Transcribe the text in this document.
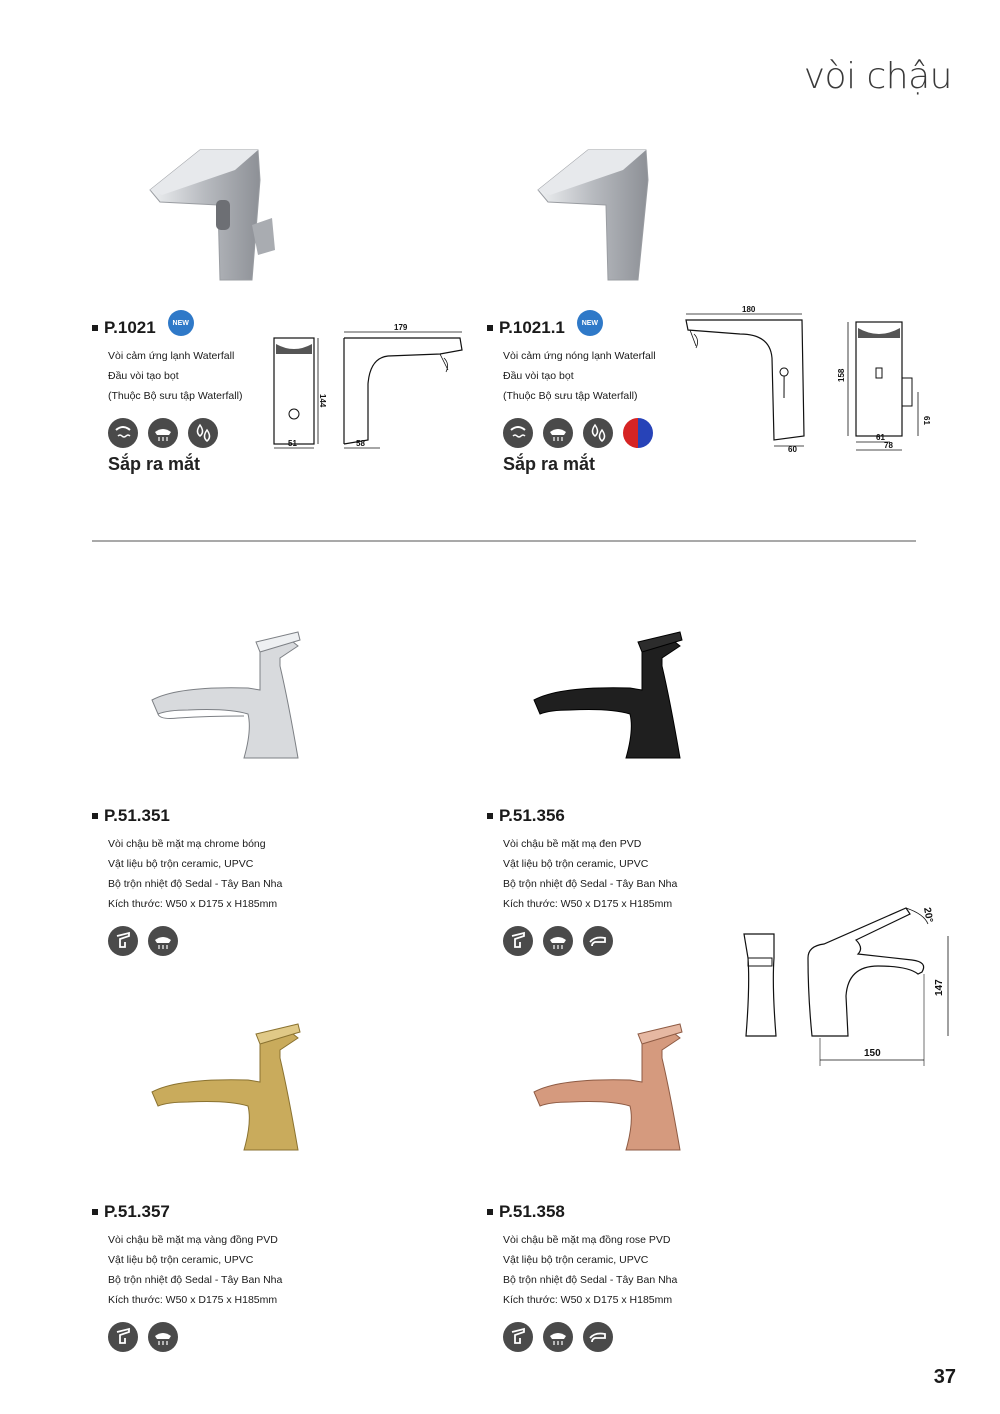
vòi chậu
P.1021	NEW
Vòi cảm ứng lạnh Waterfall
Đầu vòi tạo bọt
(Thuộc Bộ sưu tập Waterfall)
Sắp ra mắt
144
51
179
58
P.1021.1	NEW
Vòi cảm ứng nóng lạnh Waterfall
Đầu vòi tạo bọt
(Thuộc Bộ sưu tập Waterfall)
Sắp ra mắt
180
60
158
61
61
78
P.51.351
Vòi chậu bề mặt mạ chrome bóng
Vật liệu bộ trộn ceramic, UPVC
Bộ trộn nhiệt độ Sedal - Tây Ban Nha
Kích thước: W50 x D175 x H185mm
P.51.356
Vòi chậu bề mặt mạ đen PVD
Vật liệu bộ trộn ceramic, UPVC
Bộ trộn nhiệt độ Sedal - Tây Ban Nha
Kích thước: W50 x D175 x H185mm
150
147
20°
P.51.357
Vòi chậu bề mặt mạ vàng đồng PVD
Vật liệu bộ trộn ceramic, UPVC
Bộ trộn nhiệt độ Sedal - Tây Ban Nha
Kích thước: W50 x D175 x H185mm
P.51.358
Vòi chậu bề mặt mạ đồng rose PVD
Vật liệu bộ trộn ceramic, UPVC
Bộ trộn nhiệt độ Sedal - Tây Ban Nha
Kích thước: W50 x D175 x H185mm
37
